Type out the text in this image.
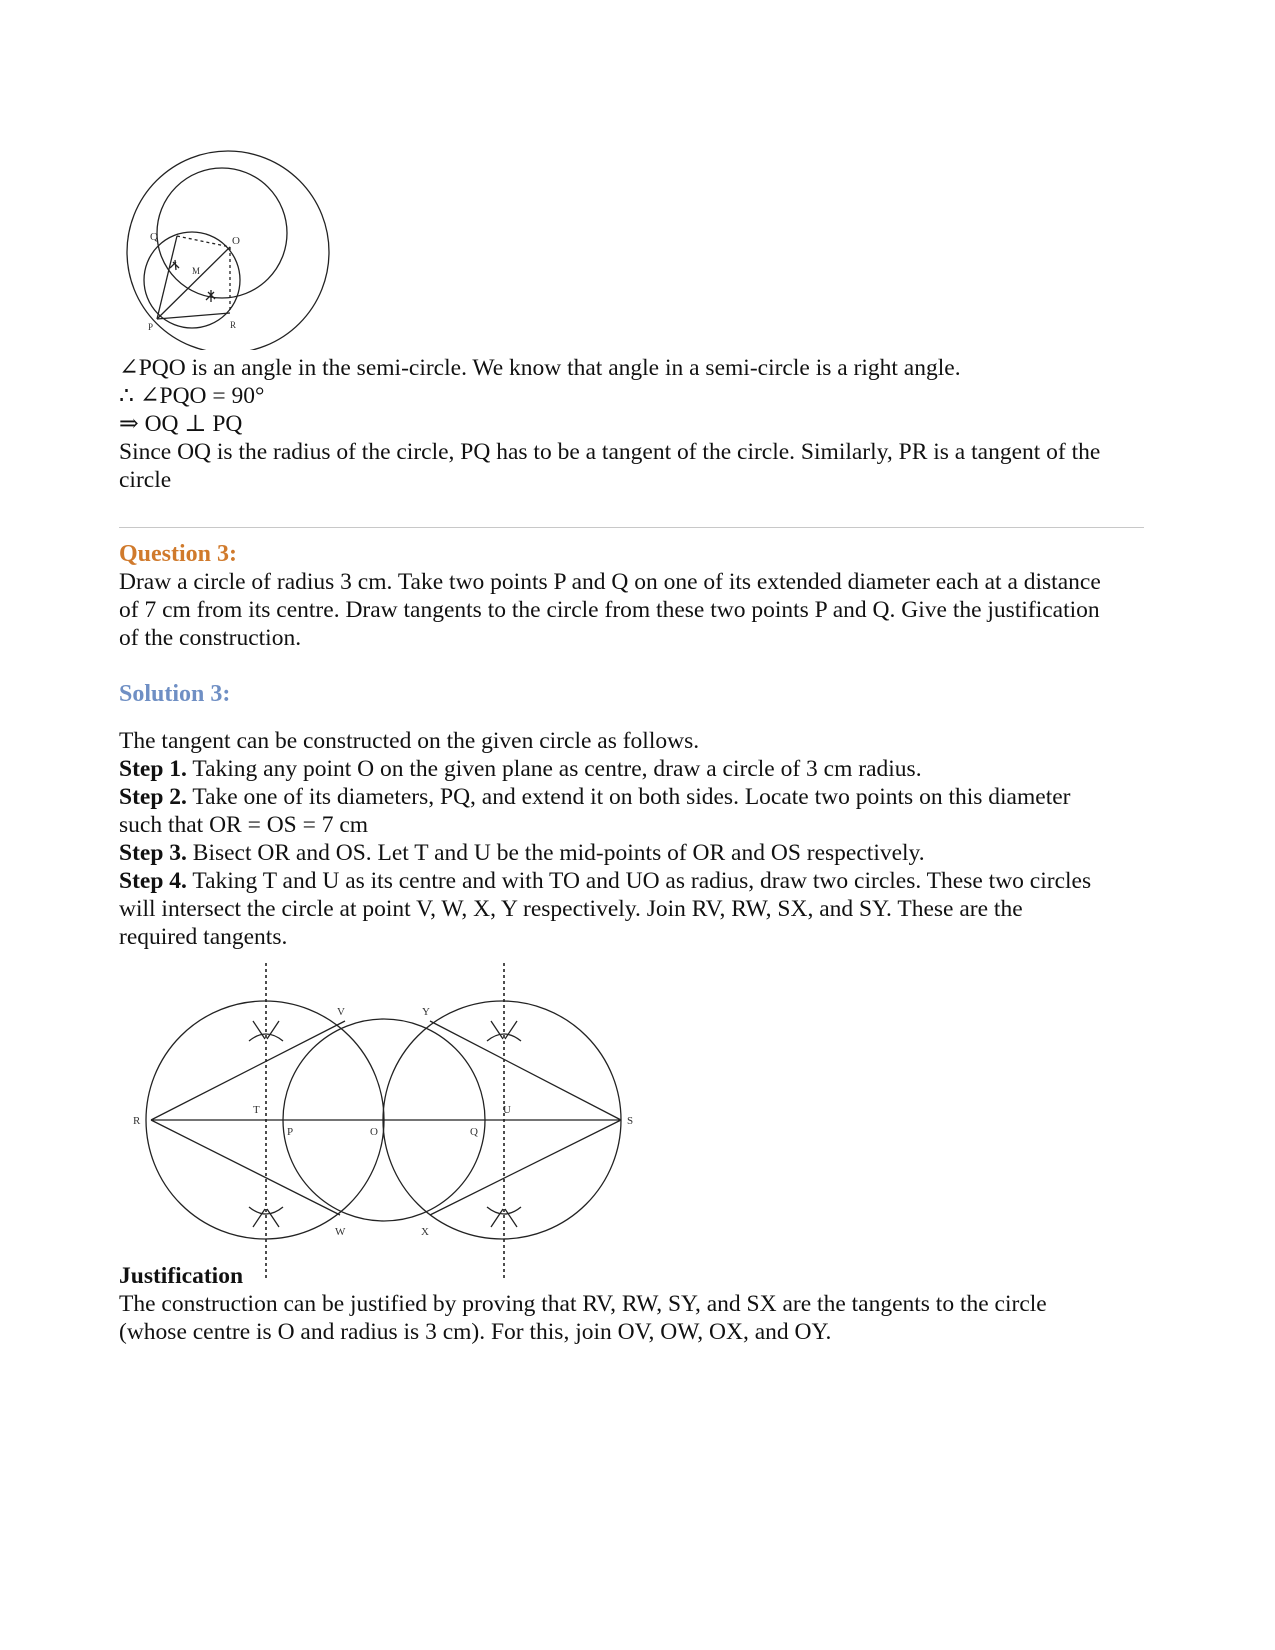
Q	O
M
P	R
∠PQO is an angle in the semi-circle. We know that angle in a semi-circle is a right angle.
∴ ∠PQO = 90°
⇒ OQ ⊥ PQ
Since OQ is the radius of the circle, PQ has to be a tangent of the circle. Similarly, PR is a tangent of the
circle
Question 3:
Draw a circle of radius 3 cm. Take two points P and Q on one of its extended diameter each at a distance
of 7 cm from its centre. Draw tangents to the circle from these two points P and Q. Give the justification
of the construction.
Solution 3:
The tangent can be constructed on the given circle as follows.
Step 1. Taking any point O on the given plane as centre, draw a circle of 3 cm radius.
Step 2. Take one of its diameters, PQ, and extend it on both sides. Locate two points on this diameter
such that OR = OS = 7 cm
Step 3. Bisect OR and OS. Let T and U be the mid-points of OR and OS respectively.
Step 4. Taking T and U as its centre and with TO and UO as radius, draw two circles. These two circles
will intersect the circle at point V, W, X, Y respectively. Join RV, RW, SX, and SY. These are the
required tangents.
R
T
P	O	Q
U
S
V	Y
W	X
Justification
The construction can be justified by proving that RV, RW, SY, and SX are the tangents to the circle
(whose centre is O and radius is 3 cm). For this, join OV, OW, OX, and OY.
